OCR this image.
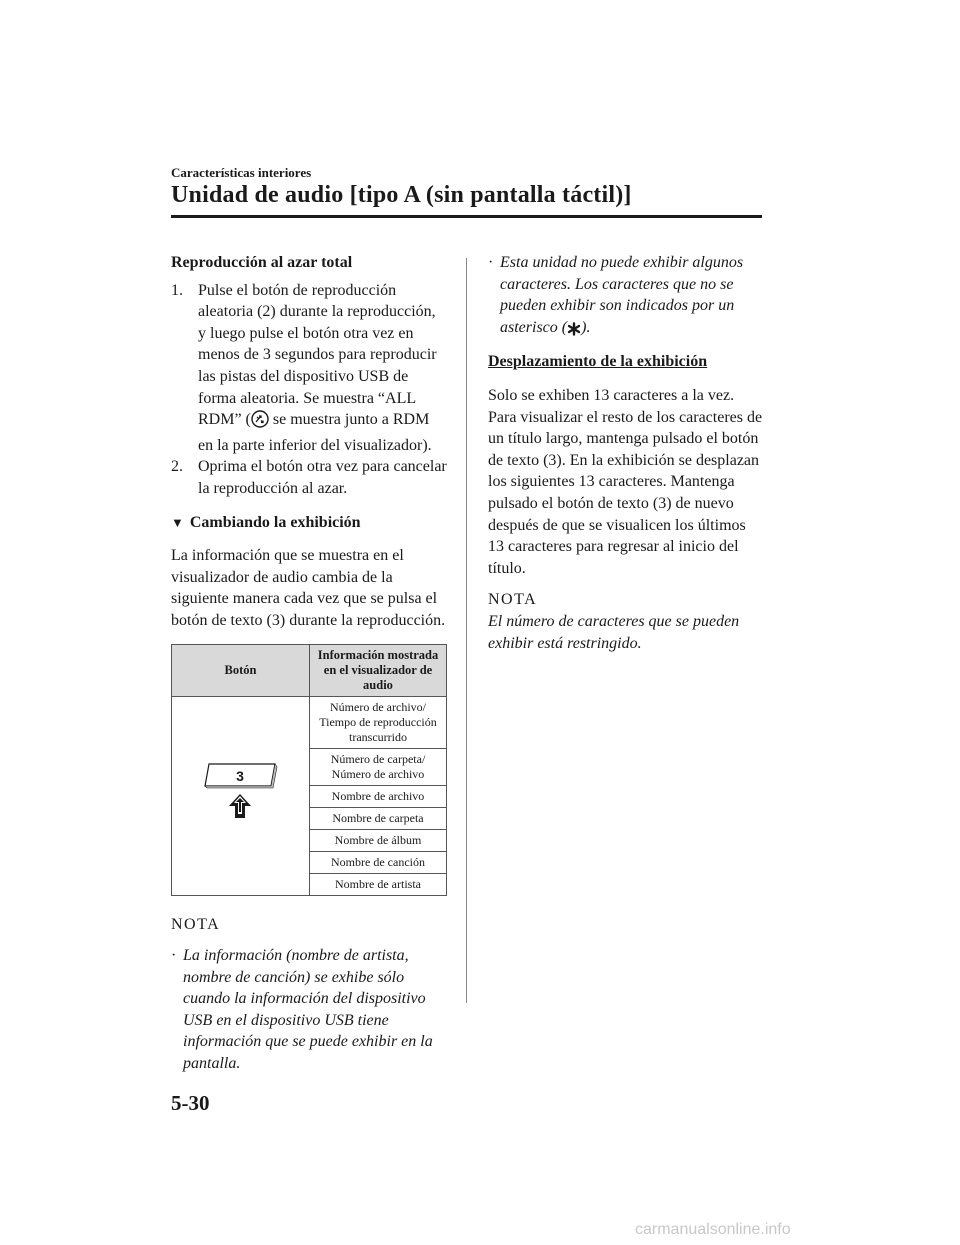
Características interiores
Unidad de audio [tipo A (sin pantalla táctil)]
Reproducción al azar total
1. Pulse el botón de reproducción aleatoria (2) durante la reproducción, y luego pulse el botón otra vez en menos de 3 segundos para reproducir las pistas del dispositivo USB de forma aleatoria. Se muestra “ALL RDM” ( se muestra junto a RDM en la parte inferior del visualizador).
2. Oprima el botón otra vez para cancelar la reproducción al azar.
▼ Cambiando la exhibición

La información que se muestra en el visualizador de audio cambia de la siguiente manera cada vez que se pulsa el botón de texto (3) durante la reproducción.

Botón	Información mostrada en el visualizador de audio

3	Número de archivo/ Tiempo de reproducción transcurrido
	Número de carpeta/ Número de archivo
	Nombre de archivo
	Nombre de carpeta
	Nombre de álbum
	Nombre de canción
	Nombre de artista
NOTA
· La información (nombre de artista, nombre de canción) se exhibe sólo cuando la información del dispositivo USB en el dispositivo USB tiene información que se puede exhibir en la pantalla.
· Esta unidad no puede exhibir algunos caracteres. Los caracteres que no se pueden exhibir son indicados por un asterisco ( ).
Desplazamiento de la exhibición

Solo se exhiben 13 caracteres a la vez. Para visualizar el resto de los caracteres de un título largo, mantenga pulsado el botón de texto (3). En la exhibición se desplazan los siguientes 13 caracteres. Mantenga pulsado el botón de texto (3) de nuevo después de que se visualicen los últimos 13 caracteres para regresar al inicio del título.

NOTA
El número de caracteres que se pueden exhibir está restringido.
5-30
carmanualsonline.info
